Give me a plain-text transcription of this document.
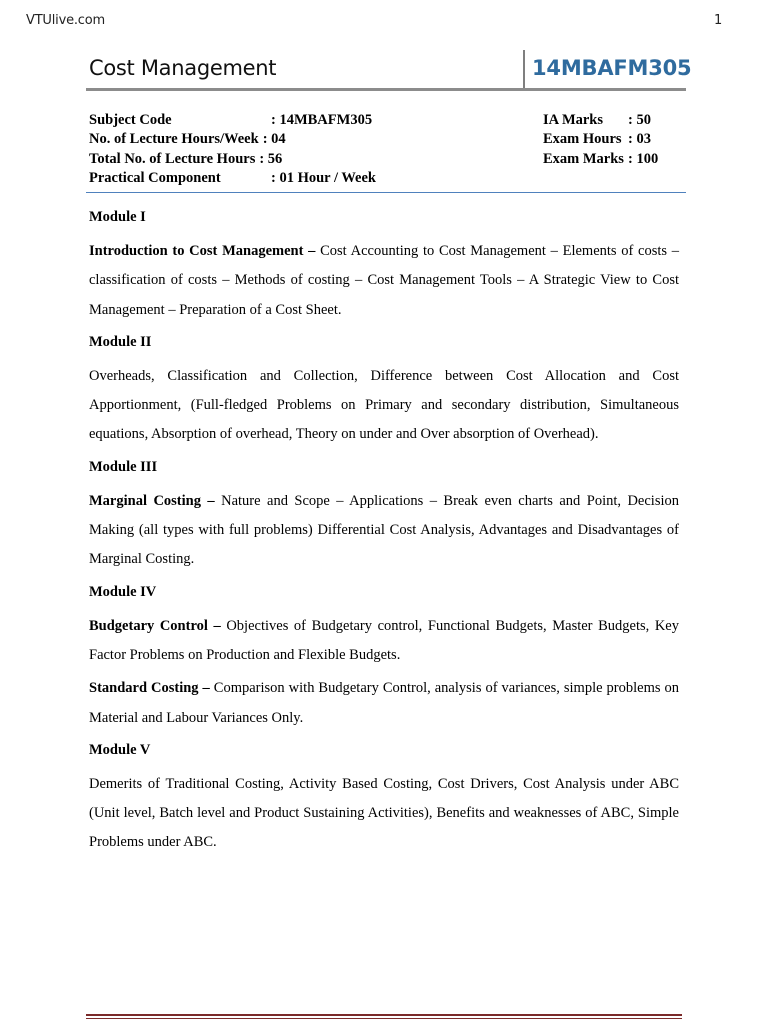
VTUlive.com	1
Cost Management	14MBAFM305
Subject Code	: 14MBAFM305
No. of Lecture Hours/Week : 04
Total No. of Lecture Hours : 56
Practical Component	: 01 Hour / Week
IA Marks : 50
Exam Hours : 03
Exam Marks : 100
Module I
Introduction to Cost Management – Cost Accounting to Cost Management – Elements of costs – classification of costs – Methods of costing – Cost Management Tools – A Strategic View to Cost Management – Preparation of a Cost Sheet.
Module II
Overheads, Classification and Collection, Difference between Cost Allocation and Cost Apportionment, (Full-fledged Problems on Primary and secondary distribution, Simultaneous equations, Absorption of overhead, Theory on under and Over absorption of Overhead).
Module III
Marginal Costing – Nature and Scope – Applications – Break even charts and Point, Decision Making (all types with full problems) Differential Cost Analysis, Advantages and Disadvantages of Marginal Costing.
Module IV
Budgetary Control – Objectives of Budgetary control, Functional Budgets, Master Budgets, Key Factor Problems on Production and Flexible Budgets.
Standard Costing – Comparison with Budgetary Control, analysis of variances, simple problems on Material and Labour Variances Only.
Module V
Demerits of Traditional Costing, Activity Based Costing, Cost Drivers, Cost Analysis under ABC (Unit level, Batch level and Product Sustaining Activities), Benefits and weaknesses of ABC, Simple Problems under ABC.
